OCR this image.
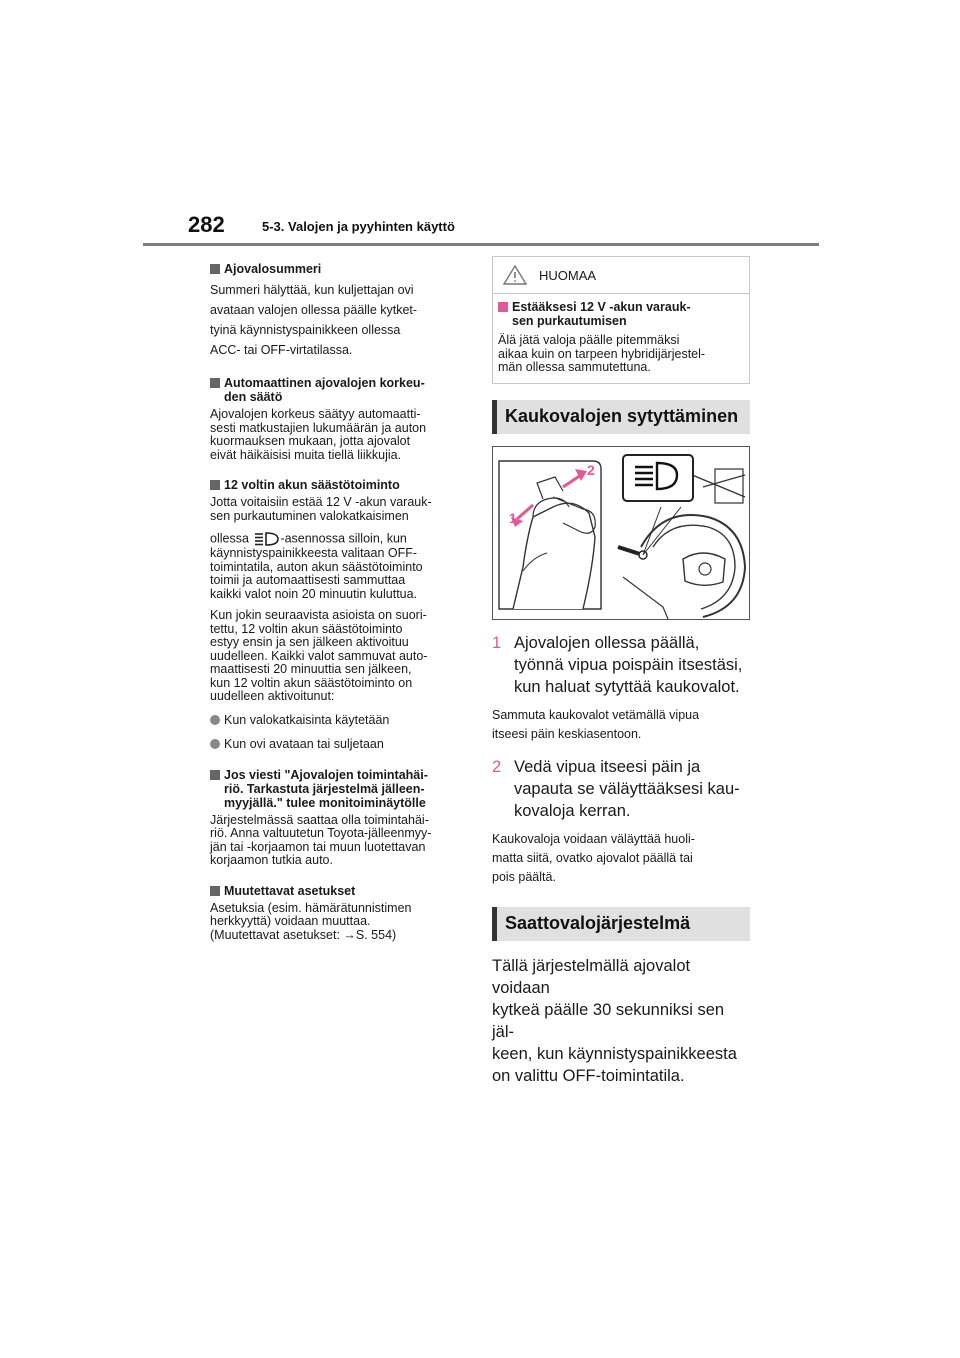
282	5-3. Valojen ja pyyhinten käyttö
Ajovalosummeri
Summeri hälyttää, kun kuljettajan ovi
avataan valojen ollessa päälle kytket-
tyinä käynnistyspainikkeen ollessa
ACC- tai OFF-virtatilassa.
Automaattinen ajovalojen korkeu-
den säätö
Ajovalojen korkeus säätyy automaatti-
sesti matkustajien lukumäärän ja auton
kuormauksen mukaan, jotta ajovalot
eivät häikäisisi muita tiellä liikkujia.
12 voltin akun säästötoiminto
Jotta voitaisiin estää 12 V -akun varauk-
sen purkautuminen valokatkaisimen
ollessa	-asennossa silloin, kun
käynnistyspainikkeesta valitaan OFF-
toimintatila, auton akun säästötoiminto
toimii ja automaattisesti sammuttaa
kaikki valot noin 20 minuutin kuluttua.
Kun jokin seuraavista asioista on suori-
tettu, 12 voltin akun säästötoiminto
estyy ensin ja sen jälkeen aktivoituu
uudelleen. Kaikki valot sammuvat auto-
maattisesti 20 minuuttia sen jälkeen,
kun 12 voltin akun säästötoiminto on
uudelleen aktivoitunut:
Kun valokatkaisinta käytetään
Kun ovi avataan tai suljetaan
Jos viesti "Ajovalojen toimintahäi-
riö. Tarkastuta järjestelmä jälleen-
myyjällä." tulee monitoiminäytölle
Järjestelmässä saattaa olla toimintahäi-
riö. Anna valtuutetun Toyota-jälleenmyy-
jän tai -korjaamon tai muun luotettavan
korjaamon tutkia auto.
Muutettavat asetukset
Asetuksia (esim. hämärätunnistimen
herkkyyttä) voidaan muuttaa.
(Muutettavat asetukset: →S. 554)
HUOMAA
Estääksesi 12 V -akun varauk-
sen purkautumisen
Älä jätä valoja päälle pitemmäksi
aikaa kuin on tarpeen hybridijärjestel-
män ollessa sammutettuna.
Kaukovalojen sytyttäminen
1
2
1 Ajovalojen ollessa päällä,
työnnä vipua poispäin itsestäsi,
kun haluat sytyttää kaukovalot.
Sammuta kaukovalot vetämällä vipua
itseesi päin keskiasentoon.
2 Vedä vipua itseesi päin ja
vapauta se väläyttääksesi kau-
kovaloja kerran.
Kaukovaloja voidaan väläyttää huoli-
matta siitä, ovatko ajovalot päällä tai
pois päältä.
Saattovalojärjestelmä
Tällä järjestelmällä ajovalot voidaan
kytkeä päälle 30 sekunniksi sen jäl-
keen, kun käynnistyspainikkeesta
on valittu OFF-toimintatila.
